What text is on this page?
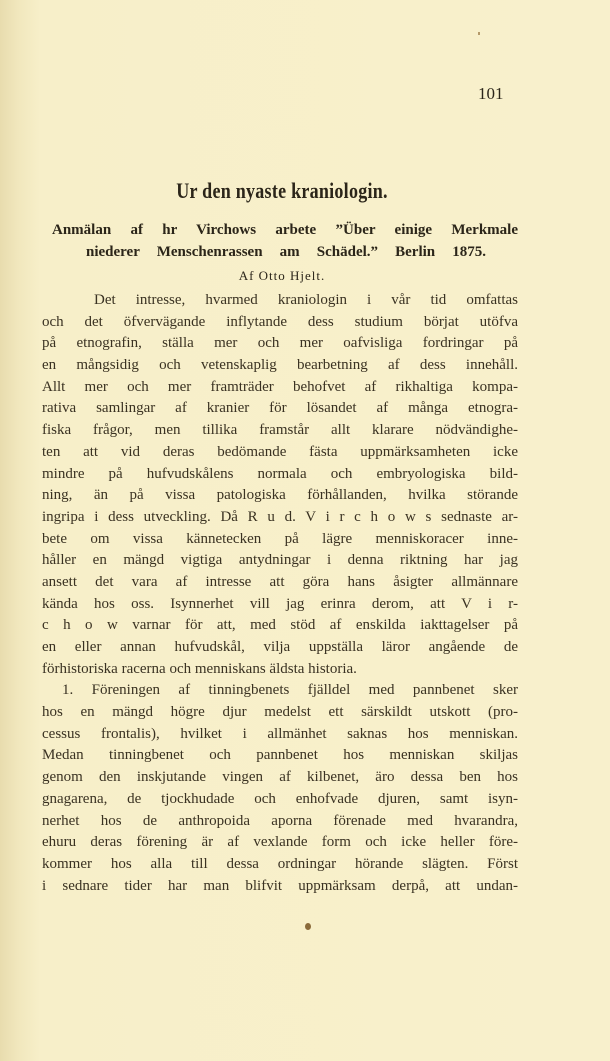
101
Ur den nyaste kraniologin.
Anmälan af hr Virchows arbete ”Über einige Merkmale
niederer Menschenrassen am Schädel.” Berlin 1875.
Af Otto Hjelt.
Det intresse, hvarmed kraniologin i vår tid omfattas
och det öfvervägande inflytande dess studium börjat utöfva
på etnografin, ställa mer och mer oafvisliga fordringar på
en mångsidig och vetenskaplig bearbetning af dess innehåll.
Allt mer och mer framträder behofvet af rikhaltiga kompa-
rativa samlingar af kranier för lösandet af många etnogra-
fiska frågor, men tillika framstår allt klarare nödvändighe-
ten att vid deras bedömande fästa uppmärksamheten icke
mindre på hufvudskålens normala och embryologiska bild-
ning, än på vissa patologiska förhållanden, hvilka störande
ingripa i dess utveckling. Då R u d. V i r c h o w s sednaste ar-
bete om vissa kännetecken på lägre menniskoracer inne-
håller en mängd vigtiga antydningar i denna riktning har jag
ansett det vara af intresse att göra hans åsigter allmännare
kända hos oss. Isynnerhet vill jag erinra derom, att V i r-
c h o w varnar för att, med stöd af enskilda iakttagelser på
en eller annan hufvudskål, vilja uppställa läror angående de
förhistoriska racerna och menniskans äldsta historia.
1. Föreningen af tinningbenets fjälldel med pannbenet sker
hos en mängd högre djur medelst ett särskildt utskott (pro-
cessus frontalis), hvilket i allmänhet saknas hos menniskan.
Medan tinningbenet och pannbenet hos menniskan skiljas
genom den inskjutande vingen af kilbenet, äro dessa ben hos
gnagarena, de tjockhudade och enhofvade djuren, samt isyn-
nerhet hos de anthropoida aporna förenade med hvarandra,
ehuru deras förening är af vexlande form och icke heller före-
kommer hos alla till dessa ordningar hörande slägten. Först
i sednare tider har man blifvit uppmärksam derpå, att undan-
